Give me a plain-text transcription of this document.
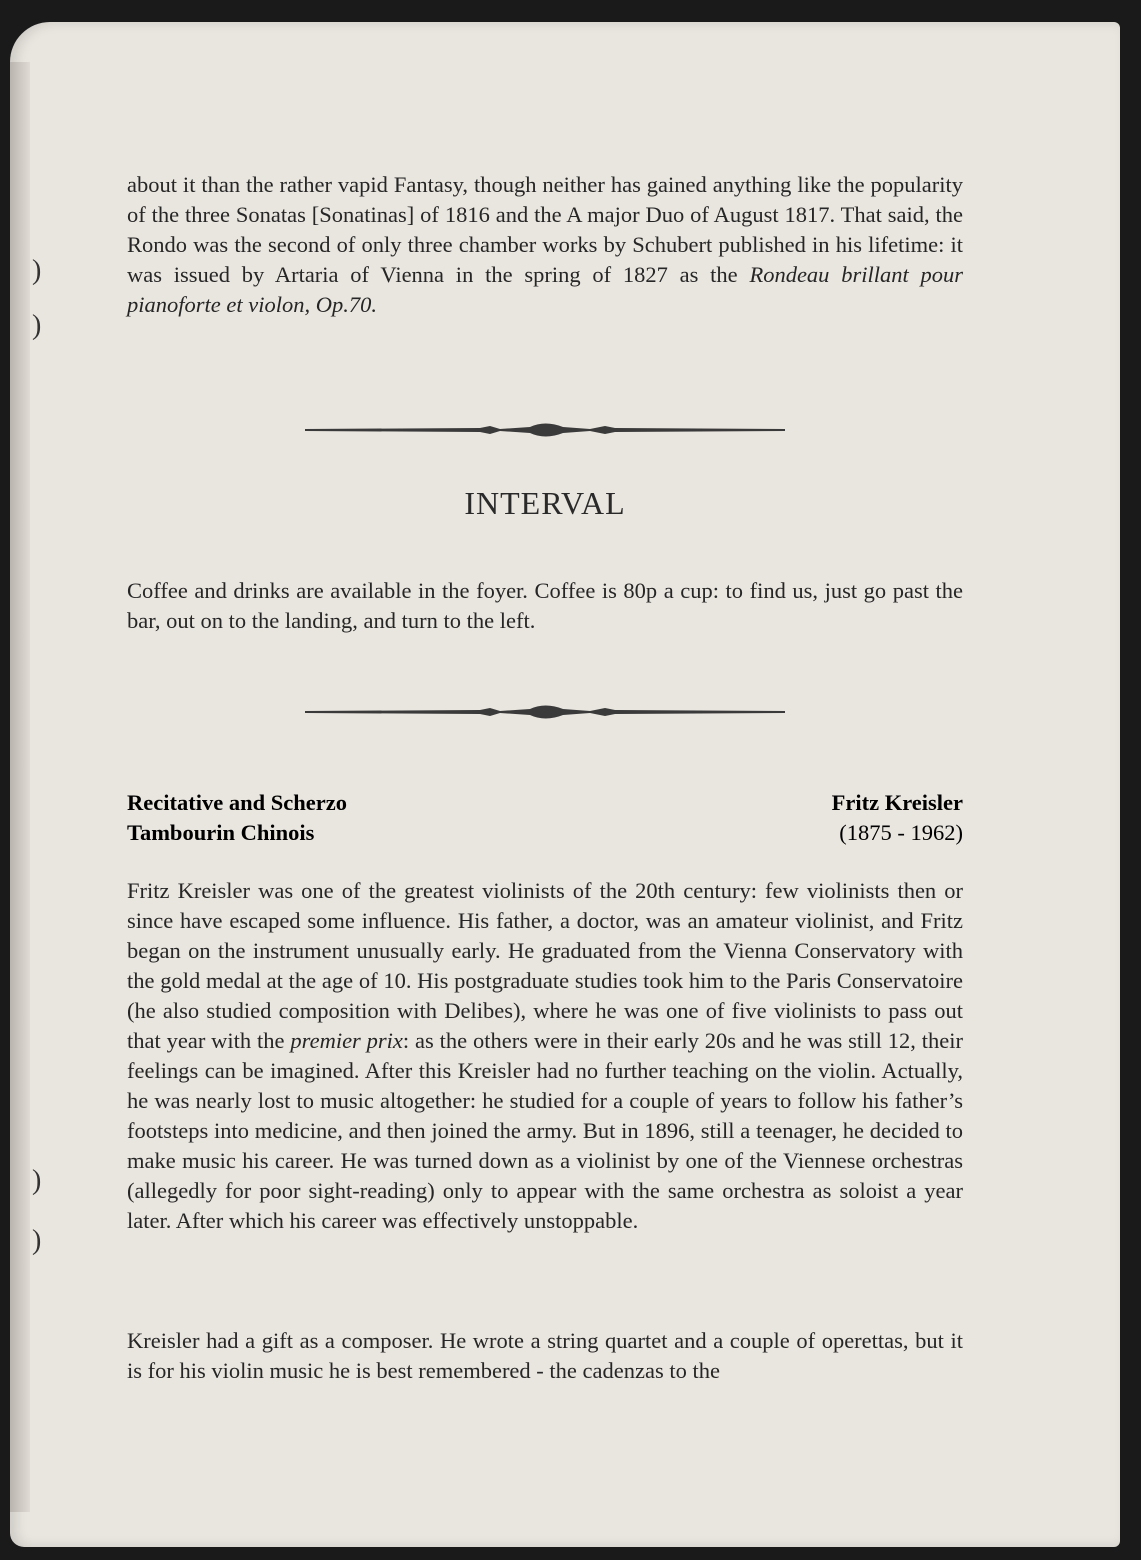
about it than the rather vapid Fantasy, though neither has gained anything like the popularity of the three Sonatas [Sonatinas] of 1816 and the A major Duo of August 1817. That said, the Rondo was the second of only three chamber works by Schubert published in his lifetime: it was issued by Artaria of Vienna in the spring of 1827 as the Rondeau brillant pour pianoforte et violon, Op.70.

INTERVAL

Coffee and drinks are available in the foyer. Coffee is 80p a cup: to find us, just go past the bar, out on to the landing, and turn to the left.

Recitative and Scherzo	Fritz Kreisler
Tambourin Chinois	(1875 - 1962)

Fritz Kreisler was one of the greatest violinists of the 20th century: few violinists then or since have escaped some influence. His father, a doctor, was an amateur violinist, and Fritz began on the instrument unusually early. He graduated from the Vienna Conservatory with the gold medal at the age of 10. His postgraduate studies took him to the Paris Conservatoire (he also studied composition with Delibes), where he was one of five violinists to pass out that year with the premier prix: as the others were in their early 20s and he was still 12, their feelings can be imagined. After this Kreisler had no further teaching on the violin. Actually, he was nearly lost to music altogether: he studied for a couple of years to follow his father’s footsteps into medicine, and then joined the army. But in 1896, still a teenager, he decided to make music his career. He was turned down as a violinist by one of the Viennese orchestras (allegedly for poor sight-reading) only to appear with the same orchestra as soloist a year later. After which his career was effectively unstoppable.

Kreisler had a gift as a composer. He wrote a string quartet and a couple of operettas, but it is for his violin music he is best remembered - the cadenzas to the

)
)
)
)
